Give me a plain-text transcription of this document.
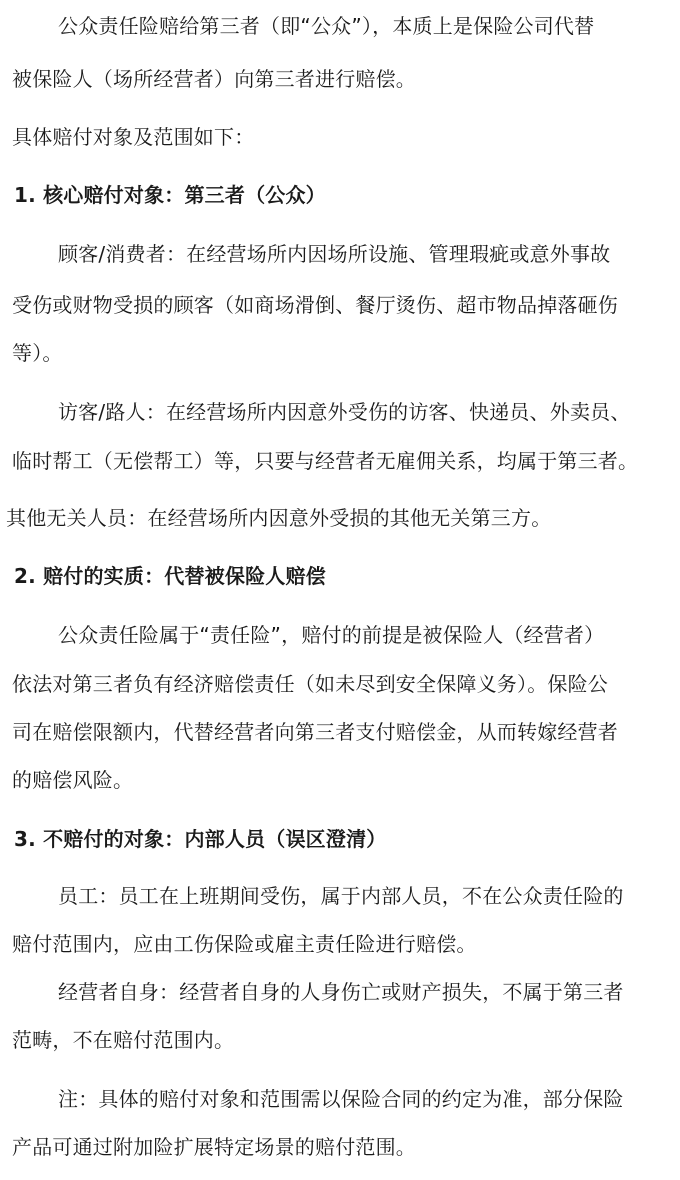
公众责任险赔给第三者（即“公众”），本质上是保险公司代替
被保险人（场所经营者）向第三者进行赔偿。
具体赔付对象及范围如下：
1. 核心赔付对象：第三者（公众）
顾客/消费者：在经营场所内因场所设施、管理瑕疵或意外事故
受伤或财物受损的顾客（如商场滑倒、餐厅烫伤、超市物品掉落砸伤
等）。
访客/路人：在经营场所内因意外受伤的访客、快递员、外卖员、
临时帮工（无偿帮工）等，只要与经营者无雇佣关系，均属于第三者。
其他无关人员：在经营场所内因意外受损的其他无关第三方。
2. 赔付的实质：代替被保险人赔偿
公众责任险属于“责任险”，赔付的前提是被保险人（经营者）
依法对第三者负有经济赔偿责任（如未尽到安全保障义务）。保险公
司在赔偿限额内，代替经营者向第三者支付赔偿金，从而转嫁经营者
的赔偿风险。
3. 不赔付的对象：内部人员（误区澄清）
员工：员工在上班期间受伤，属于内部人员，不在公众责任险的
赔付范围内，应由工伤保险或雇主责任险进行赔偿。
经营者自身：经营者自身的人身伤亡或财产损失，不属于第三者
范畴，不在赔付范围内。
注：具体的赔付对象和范围需以保险合同的约定为准，部分保险
产品可通过附加险扩展特定场景的赔付范围。
